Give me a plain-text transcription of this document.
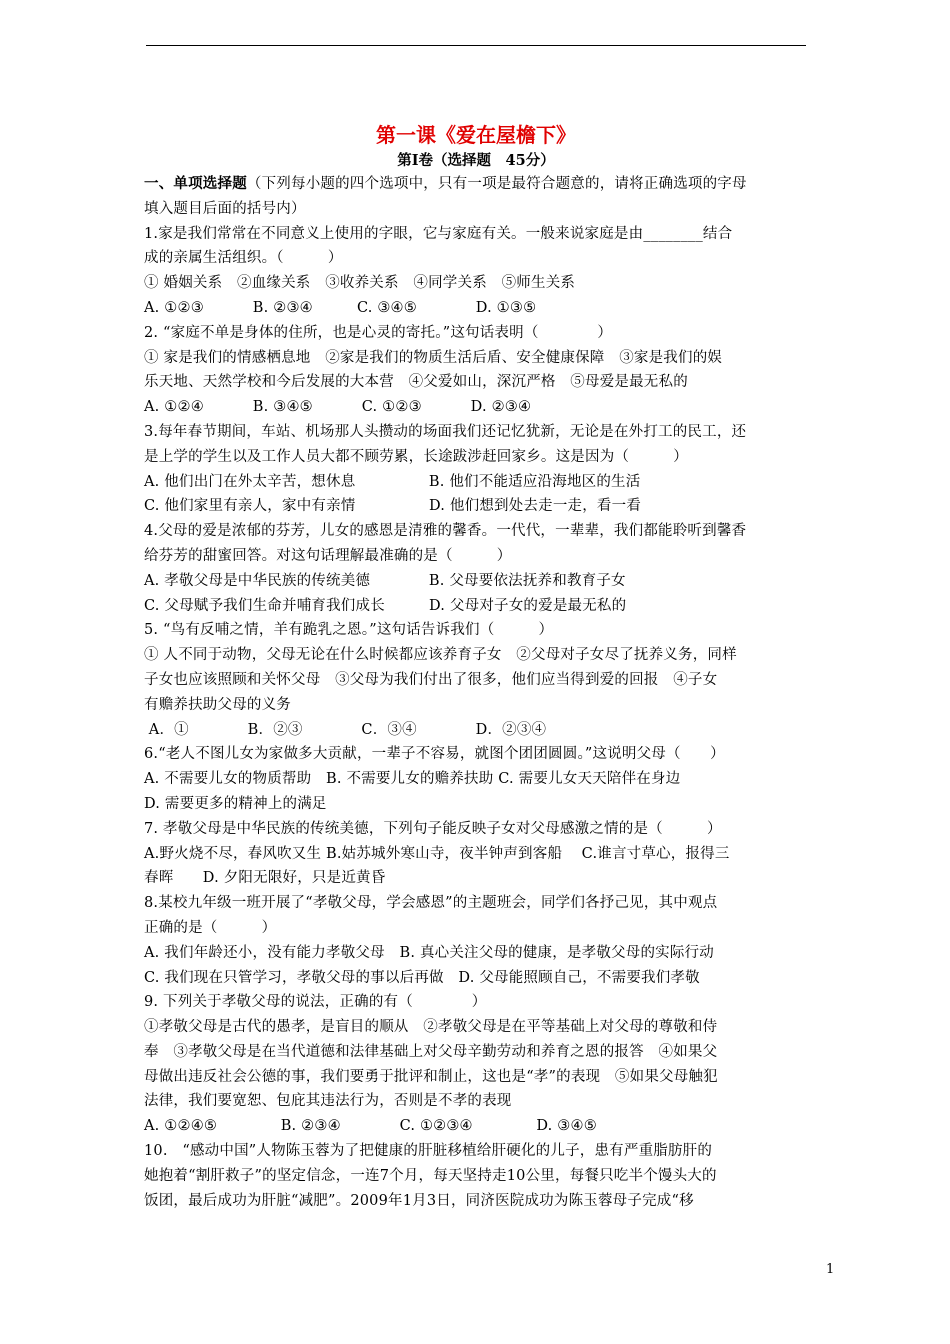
第一课《爱在屋檐下》
第Ⅰ卷（选择题　45分）
一、单项选择题（下列每小题的四个选项中，只有一项是最符合题意的，请将正确选项的字母
填入题目后面的括号内）
1.家是我们常常在不同意义上使用的字眼，它与家庭有关。一般来说家庭是由________结合
成的亲属生活组织。（　　　）
① 婚姻关系　②血缘关系　③收养关系　④同学关系　⑤师生关系
A. ①②③　　　 B. ②③④　　　C. ③④⑤　　　　D. ①③⑤
2. “家庭不单是身体的住所，也是心灵的寄托。”这句话表明（　　　　）
① 家是我们的情感栖息地　②家是我们的物质生活后盾、安全健康保障　③家是我们的娱
乐天地、天然学校和今后发展的大本营　④父爱如山，深沉严格　⑤母爱是最无私的
A. ①②④　　　 B. ③④⑤　　　 C. ①②③　　　 D. ②③④
3.每年春节期间，车站、机场那人头攒动的场面我们还记忆犹新，无论是在外打工的民工，还
是上学的学生以及工作人员大都不顾劳累，长途跋涉赶回家乡。这是因为（　　　）
A. 他们出门在外太辛苦，想休息　　　　　B. 他们不能适应沿海地区的生活
C. 他们家里有亲人，家中有亲情　　　　　D. 他们想到处去走一走，看一看
4.父母的爱是浓郁的芬芳，儿女的感恩是清雅的馨香。一代代，一辈辈，我们都能聆听到馨香
给芬芳的甜蜜回答。对这句话理解最准确的是（　　　）
A. 孝敬父母是中华民族的传统美德　　　　B. 父母要依法抚养和教育子女
C. 父母赋予我们生命并哺育我们成长　　　D. 父母对子女的爱是最无私的
5. “鸟有反哺之情，羊有跪乳之恩。”这句话告诉我们（　　　）
① 人不同于动物，父母无论在什么时候都应该养育子女　②父母对子女尽了抚养义务，同样
子女也应该照顾和关怀父母　③父母为我们付出了很多，他们应当得到爱的回报　④子女
有赡养扶助父母的义务
A．①　　　　B．②③　　　　C．③④　　　　D．②③④
6.“老人不图儿女为家做多大贡献，一辈子不容易，就图个团团圆圆。”这说明父母（　　）
A. 不需要儿女的物质帮助　B. 不需要儿女的赡养扶助 C. 需要儿女天天陪伴在身边
D. 需要更多的精神上的满足
7. 孝敬父母是中华民族的传统美德，下列句子能反映子女对父母感激之情的是（　　　）
A.野火烧不尽，春风吹又生 B.姑苏城外寒山寺，夜半钟声到客船　 C.谁言寸草心，报得三
春晖　　D. 夕阳无限好，只是近黄昏
8.某校九年级一班开展了“孝敬父母，学会感恩”的主题班会，同学们各抒己见，其中观点
正确的是（　　　）
A. 我们年龄还小，没有能力孝敬父母　B. 真心关注父母的健康，是孝敬父母的实际行动
C. 我们现在只管学习，孝敬父母的事以后再做　D. 父母能照顾自己，不需要我们孝敬
9. 下列关于孝敬父母的说法，正确的有（　　　　）
①孝敬父母是古代的愚孝，是盲目的顺从　②孝敬父母是在平等基础上对父母的尊敬和侍
奉　③孝敬父母是在当代道德和法律基础上对父母辛勤劳动和养育之恩的报答　④如果父
母做出违反社会公德的事，我们要勇于批评和制止，这也是“孝”的表现　⑤如果父母触犯
法律，我们要宽恕、包庇其违法行为，否则是不孝的表现
A. ①②④⑤　　　　 B. ②③④　　　　C. ①②③④　　　　 D. ③④⑤
10.　“感动中国”人物陈玉蓉为了把健康的肝脏移植给肝硬化的儿子，患有严重脂肪肝的
她抱着“割肝救子”的坚定信念，一连7个月，每天坚持走10公里，每餐只吃半个馒头大的
饭团，最后成功为肝脏“减肥”。2009年1月3日，同济医院成功为陈玉蓉母子完成“移
1
